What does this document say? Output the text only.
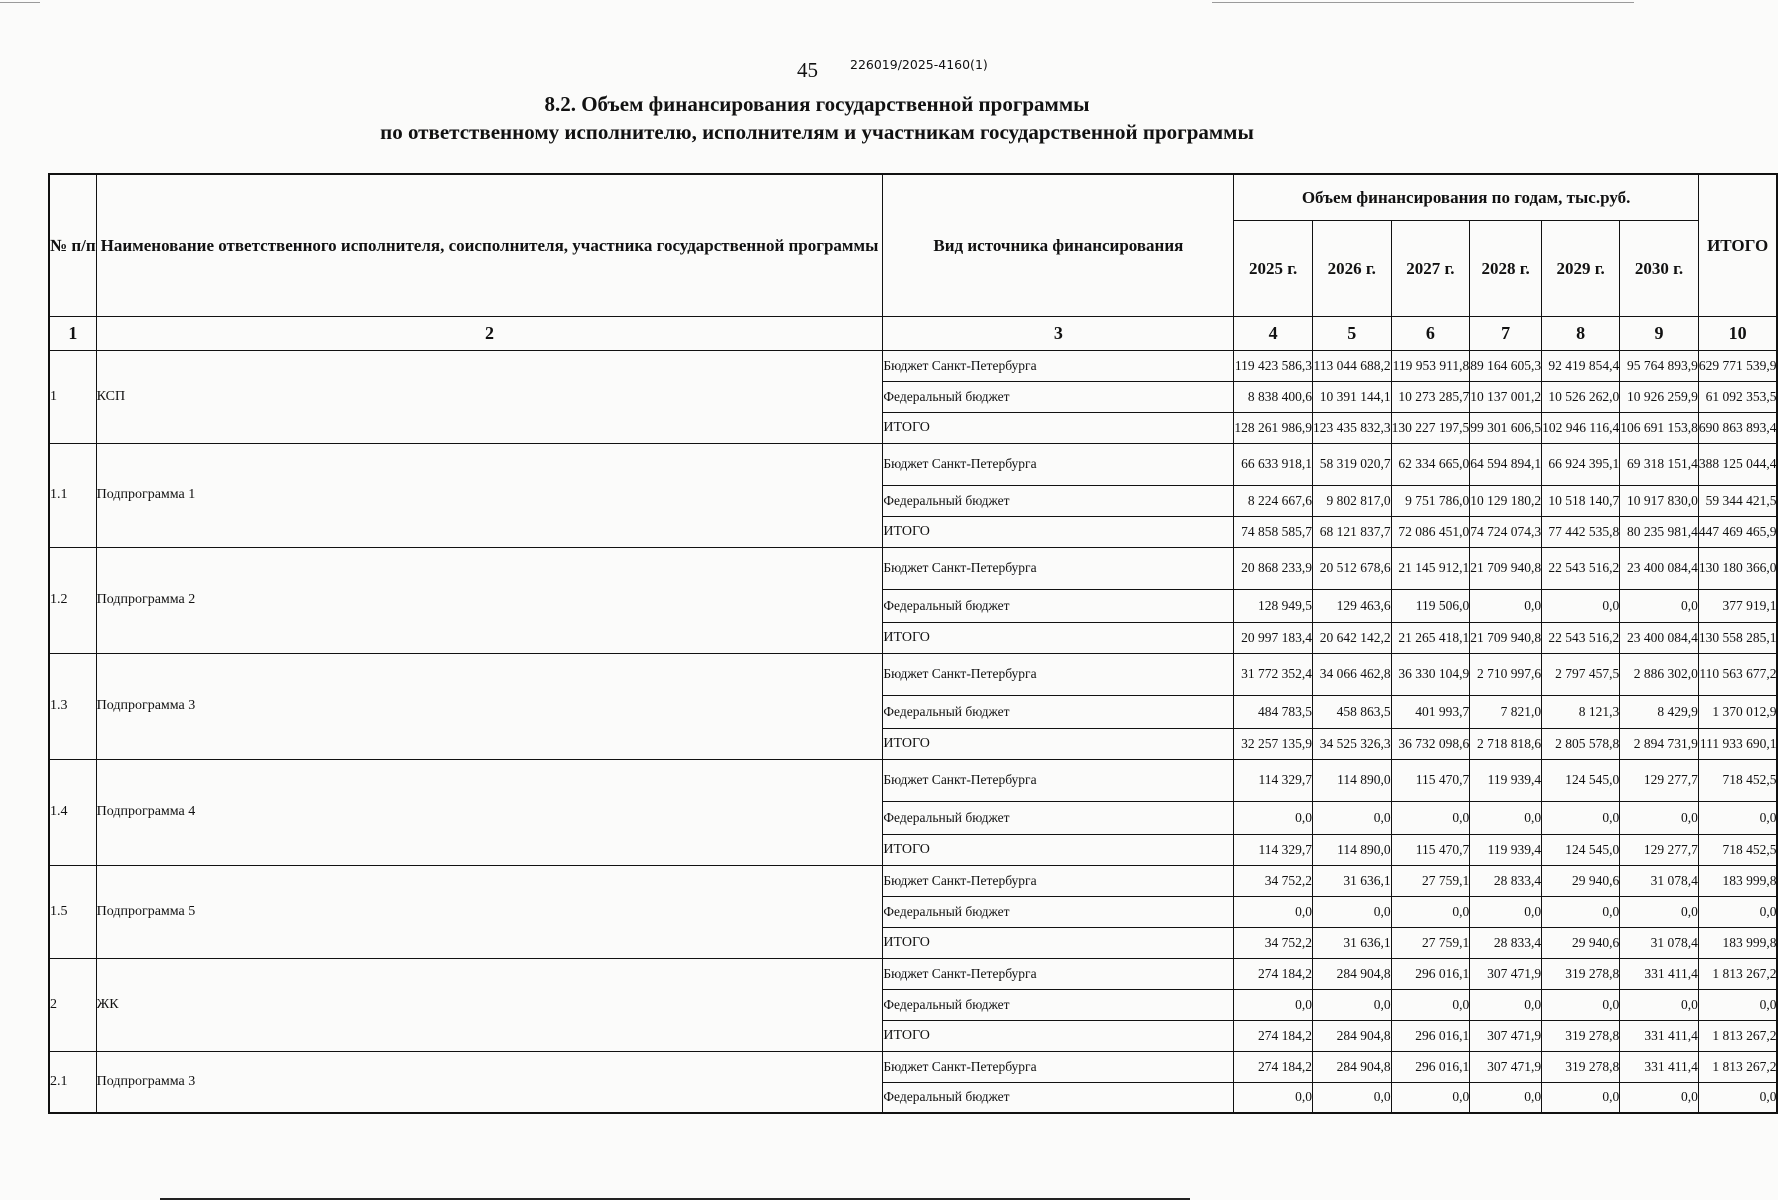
45	226019/2025-4160(1)
8.2. Объем финансирования государственной программы
по ответственному исполнителю, исполнителям и участникам государственной программы
№ п/п	Наименование ответственного исполнителя, соисполнителя, участника государственной программы	Вид источника финансирования	Объем финансирования по годам, тыс.руб.						ИТОГО
			2025 г.	2026 г.	2027 г.	2028 г.	2029 г.	2030 г.	
1	2	3	4	5	6	7	8	9	10
1	КСП	Бюджет Санкт-Петербурга	119 423 586,3	113 044 688,2	119 953 911,8	89 164 605,3	92 419 854,4	95 764 893,9	629 771 539,9
		Федеральный бюджет	8 838 400,6	10 391 144,1	10 273 285,7	10 137 001,2	10 526 262,0	10 926 259,9	61 092 353,5
		ИТОГО	128 261 986,9	123 435 832,3	130 227 197,5	99 301 606,5	102 946 116,4	106 691 153,8	690 863 893,4
1.1	Подпрограмма 1	Бюджет Санкт-Петербурга	66 633 918,1	58 319 020,7	62 334 665,0	64 594 894,1	66 924 395,1	69 318 151,4	388 125 044,4
		Федеральный бюджет	8 224 667,6	9 802 817,0	9 751 786,0	10 129 180,2	10 518 140,7	10 917 830,0	59 344 421,5
		ИТОГО	74 858 585,7	68 121 837,7	72 086 451,0	74 724 074,3	77 442 535,8	80 235 981,4	447 469 465,9
1.2	Подпрограмма 2	Бюджет Санкт-Петербурга	20 868 233,9	20 512 678,6	21 145 912,1	21 709 940,8	22 543 516,2	23 400 084,4	130 180 366,0
		Федеральный бюджет	128 949,5	129 463,6	119 506,0	0,0	0,0	0,0	377 919,1
		ИТОГО	20 997 183,4	20 642 142,2	21 265 418,1	21 709 940,8	22 543 516,2	23 400 084,4	130 558 285,1
1.3	Подпрограмма 3	Бюджет Санкт-Петербурга	31 772 352,4	34 066 462,8	36 330 104,9	2 710 997,6	2 797 457,5	2 886 302,0	110 563 677,2
		Федеральный бюджет	484 783,5	458 863,5	401 993,7	7 821,0	8 121,3	8 429,9	1 370 012,9
		ИТОГО	32 257 135,9	34 525 326,3	36 732 098,6	2 718 818,6	2 805 578,8	2 894 731,9	111 933 690,1
1.4	Подпрограмма 4	Бюджет Санкт-Петербурга	114 329,7	114 890,0	115 470,7	119 939,4	124 545,0	129 277,7	718 452,5
		Федеральный бюджет	0,0	0,0	0,0	0,0	0,0	0,0	0,0
		ИТОГО	114 329,7	114 890,0	115 470,7	119 939,4	124 545,0	129 277,7	718 452,5
1.5	Подпрограмма 5	Бюджет Санкт-Петербурга	34 752,2	31 636,1	27 759,1	28 833,4	29 940,6	31 078,4	183 999,8
		Федеральный бюджет	0,0	0,0	0,0	0,0	0,0	0,0	0,0
		ИТОГО	34 752,2	31 636,1	27 759,1	28 833,4	29 940,6	31 078,4	183 999,8
2	ЖК	Бюджет Санкт-Петербурга	274 184,2	284 904,8	296 016,1	307 471,9	319 278,8	331 411,4	1 813 267,2
		Федеральный бюджет	0,0	0,0	0,0	0,0	0,0	0,0	0,0
		ИТОГО	274 184,2	284 904,8	296 016,1	307 471,9	319 278,8	331 411,4	1 813 267,2
2.1	Подпрограмма 3	Бюджет Санкт-Петербурга	274 184,2	284 904,8	296 016,1	307 471,9	319 278,8	331 411,4	1 813 267,2
		Федеральный бюджет	0,0	0,0	0,0	0,0	0,0	0,0	0,0
